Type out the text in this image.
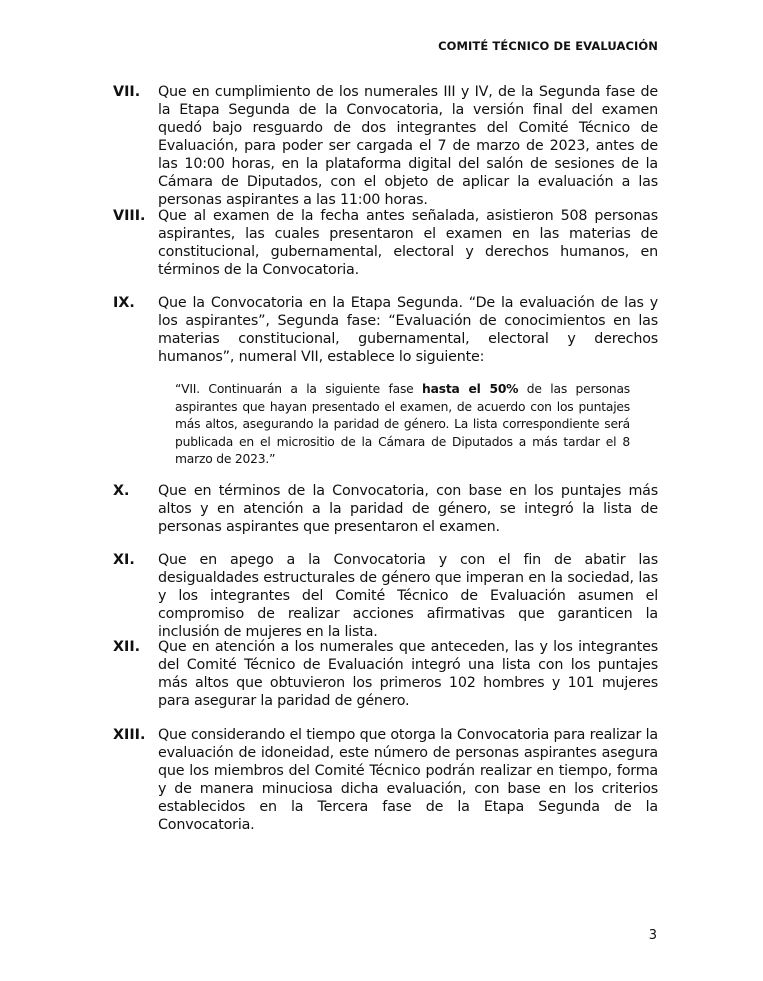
COMITÉ TÉCNICO DE EVALUACIÓN
VII. Que en cumplimiento de los numerales III y IV, de la Segunda fase de la Etapa Segunda de la Convocatoria, la versión final del examen quedó bajo resguardo de dos integrantes del Comité Técnico de Evaluación, para poder ser cargada el 7 de marzo de 2023, antes de las 10:00 horas, en la plataforma digital del salón de sesiones de la Cámara de Diputados, con el objeto de aplicar la evaluación a las personas aspirantes a las 11:00 horas.
VIII. Que al examen de la fecha antes señalada, asistieron 508 personas aspirantes, las cuales presentaron el examen en las materias de constitucional, gubernamental, electoral y derechos humanos, en términos de la Convocatoria.
IX. Que la Convocatoria en la Etapa Segunda. “De la evaluación de las y los aspirantes”, Segunda fase: “Evaluación de conocimientos en las materias constitucional, gubernamental, electoral y derechos humanos”, numeral VII, establece lo siguiente:
“VII. Continuarán a la siguiente fase hasta el 50% de las personas aspirantes que hayan presentado el examen, de acuerdo con los puntajes más altos, asegurando la paridad de género. La lista correspondiente será publicada en el micrositio de la Cámara de Diputados a más tardar el 8 marzo de 2023.”
X. Que en términos de la Convocatoria, con base en los puntajes más altos y en atención a la paridad de género, se integró la lista de personas aspirantes que presentaron el examen.
XI. Que en apego a la Convocatoria y con el fin de abatir las desigualdades estructurales de género que imperan en la sociedad, las y los integrantes del Comité Técnico de Evaluación asumen el compromiso de realizar acciones afirmativas que garanticen la inclusión de mujeres en la lista.
XII. Que en atención a los numerales que anteceden, las y los integrantes del Comité Técnico de Evaluación integró una lista con los puntajes más altos que obtuvieron los primeros 102 hombres y 101 mujeres para asegurar la paridad de género.
XIII. Que considerando el tiempo que otorga la Convocatoria para realizar la evaluación de idoneidad, este número de personas aspirantes asegura que los miembros del Comité Técnico podrán realizar en tiempo, forma y de manera minuciosa dicha evaluación, con base en los criterios establecidos en la Tercera fase de la Etapa Segunda de la Convocatoria.
3
